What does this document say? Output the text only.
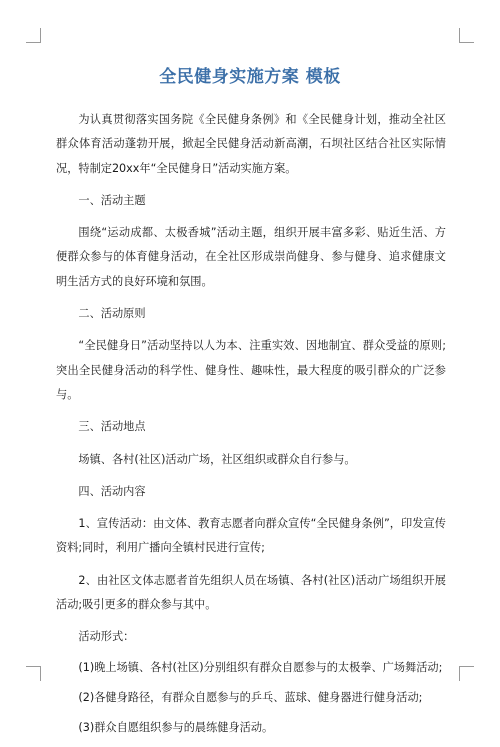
全民健身实施方案 模板

为认真贯彻落实国务院《全民健身条例》和《全民健身计划，推动全社区群众体育活动蓬勃开展，掀起全民健身活动新高潮，石坝社区结合社区实际情况，特制定20xx年“全民健身日”活动实施方案。

一、活动主题

围绕“运动成都、太极香城”活动主题，组织开展丰富多彩、贴近生活、方便群众参与的体育健身活动，在全社区形成崇尚健身、参与健身、追求健康文明生活方式的良好环境和氛围。

二、活动原则

“全民健身日”活动坚持以人为本、注重实效、因地制宜、群众受益的原则;突出全民健身活动的科学性、健身性、趣味性，最大程度的吸引群众的广泛参与。

三、活动地点

场镇、各村(社区)活动广场，社区组织或群众自行参与。

四、活动内容

1、宣传活动：由文体、教育志愿者向群众宣传“全民健身条例”，印发宣传资料;同时，利用广播向全镇村民进行宣传;

2、由社区文体志愿者首先组织人员在场镇、各村(社区)活动广场组织开展活动;吸引更多的群众参与其中。

活动形式：

(1)晚上场镇、各村(社区)分别组织有群众自愿参与的太极拳、广场舞活动;

(2)各健身路径，有群众自愿参与的乒乓、蓝球、健身器进行健身活动;

(3)群众自愿组织参与的晨练健身活动。
